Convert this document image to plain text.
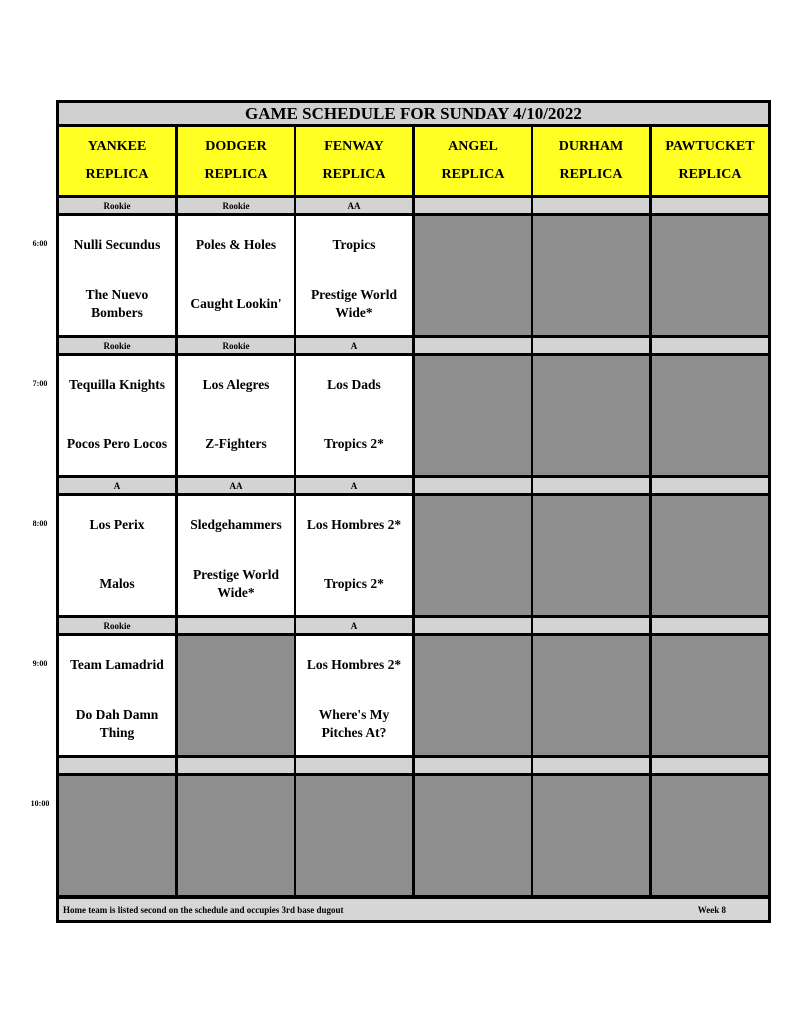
GAME SCHEDULE FOR SUNDAY 4/10/2022
Home team is listed second on the schedule and occupies 3rd base dugout	Week 8
YANKEE
REPLICA
DODGER
REPLICA
FENWAY
REPLICA
ANGEL
REPLICA
DURHAM
REPLICA
PAWTUCKET
REPLICA
Rookie
Nulli Secundus
The Nuevo Bombers
Rookie
Poles & Holes
Caught Lookin'
AA
Tropics
Prestige World Wide*
Rookie
Tequilla Knights
Pocos Pero Locos
Rookie
Los Alegres
Z-Fighters
A
Los Dads
Tropics 2*
A
Los Perix
Malos
AA
Sledgehammers
Prestige World Wide*
A
Los Hombres 2*
Tropics 2*
Rookie
Team Lamadrid
Do Dah Damn Thing
A
Los Hombres 2*
Where's My Pitches At?
6:00
7:00
8:00
9:00
10:00
